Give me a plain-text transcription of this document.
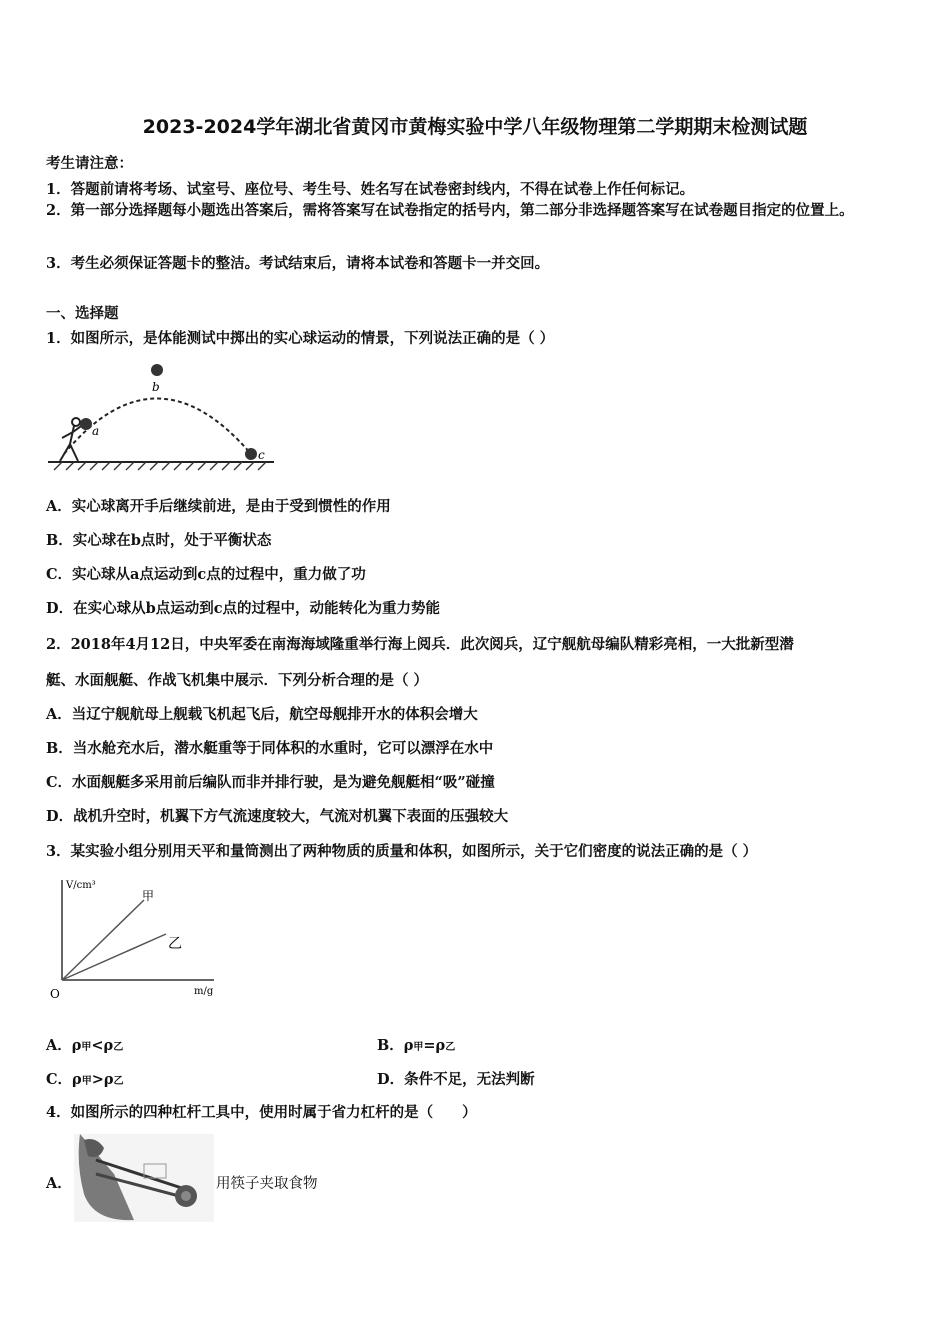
2023-2024学年湖北省黄冈市黄梅实验中学八年级物理第二学期期末检测试题
考生请注意：
1．答题前请将考场、试室号、座位号、考生号、姓名写在试卷密封线内，不得在试卷上作任何标记。
2．第一部分选择题每小题选出答案后，需将答案写在试卷指定的括号内，第二部分非选择题答案写在试卷题目指定的位置上。
3．考生必须保证答题卡的整洁。考试结束后，请将本试卷和答题卡一并交回。
一、选择题
1．如图所示，是体能测试中掷出的实心球运动的情景，下列说法正确的是（ ）
a
b
c
A．实心球离开手后继续前进，是由于受到惯性的作用
B．实心球在b点时，处于平衡状态
C．实心球从a点运动到c点的过程中，重力做了功
D．在实心球从b点运动到c点的过程中，动能转化为重力势能
2．2018年4月12日，中央军委在南海海域隆重举行海上阅兵．此次阅兵，辽宁舰航母编队精彩亮相，一大批新型潜
艇、水面舰艇、作战飞机集中展示．下列分析合理的是（ ）
A．当辽宁舰航母上舰载飞机起飞后，航空母舰排开水的体积会增大
B．当水舱充水后，潜水艇重等于同体积的水重时，它可以漂浮在水中
C．水面舰艇多采用前后编队而非并排行驶，是为避免舰艇相“吸”碰撞
D．战机升空时，机翼下方气流速度较大，气流对机翼下表面的压强较大
3．某实验小组分别用天平和量筒测出了两种物质的质量和体积，如图所示，关于它们密度的说法正确的是（ ）
V/cm³
m/g
O
甲
乙
A．ρ甲<ρ乙	B．ρ甲=ρ乙
C．ρ甲>ρ乙	D．条件不足，无法判断
4．如图所示的四种杠杆工具中，使用时属于省力杠杆的是（　　）
A．	用筷子夹取食物
